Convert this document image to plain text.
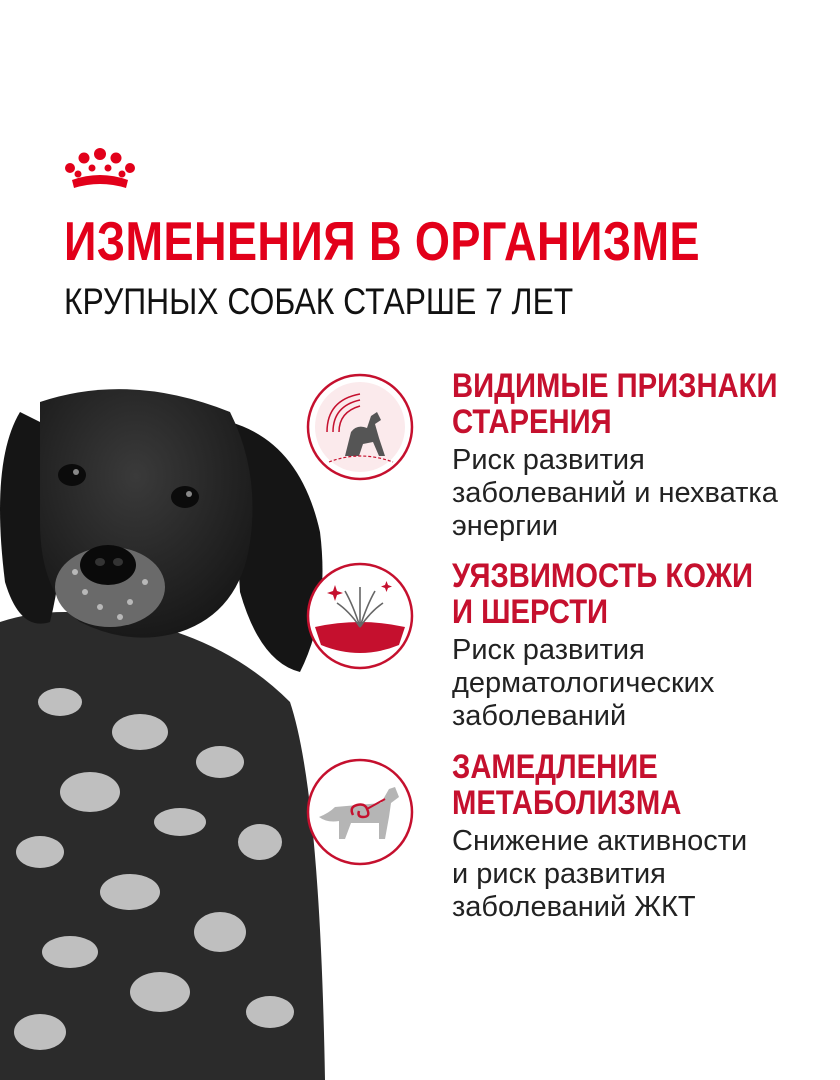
ИЗМЕНЕНИЯ В ОРГАНИЗМЕ
КРУПНЫХ СОБАК СТАРШЕ 7 ЛЕТ
ВИДИМЫЕ ПРИЗНАКИ
СТАРЕНИЯ
Риск развития
заболеваний и нехватка
энергии
УЯЗВИМОСТЬ КОЖИ
И ШЕРСТИ
Риск развития
дерматологических
заболеваний
ЗАМЕДЛЕНИЕ
МЕТАБОЛИЗМА
Снижение активности
и риск развития
заболеваний ЖКТ
